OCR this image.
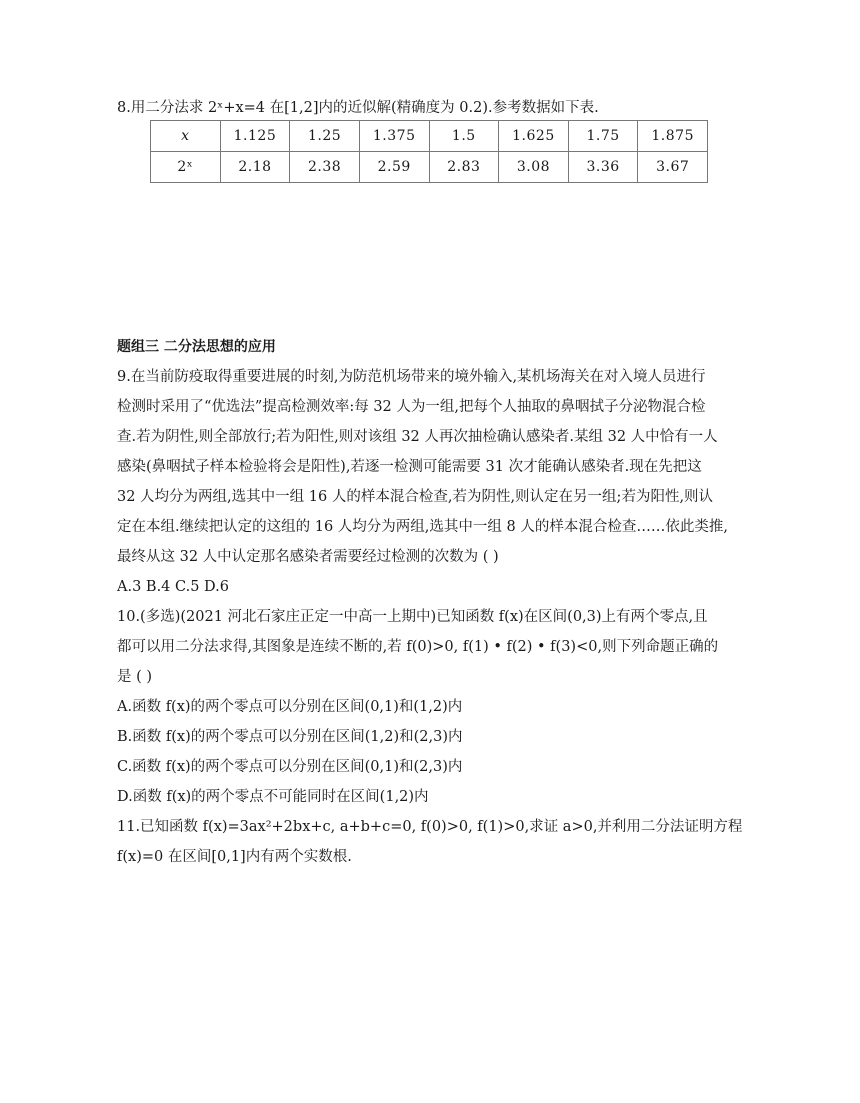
8.用二分法求 2ˣ+x=4 在[1,2]内的近似解(精确度为 0.2).参考数据如下表.
x	1.125	1.25	1.375	1.5	1.625	1.75	1.875
2ˣ	2.18	2.38	2.59	2.83	3.08	3.36	3.67
题组三 二分法思想的应用
9.在当前防疫取得重要进展的时刻,为防范机场带来的境外输入,某机场海关在对入境人员进行
检测时采用了“优选法”提高检测效率:每 32 人为一组,把每个人抽取的鼻咽拭子分泌物混合检
查.若为阴性,则全部放行;若为阳性,则对该组 32 人再次抽检确认感染者.某组 32 人中恰有一人
感染(鼻咽拭子样本检验将会是阳性),若逐一检测可能需要 31 次才能确认感染者.现在先把这
32 人均分为两组,选其中一组 16 人的样本混合检查,若为阴性,则认定在另一组;若为阳性,则认
定在本组.继续把认定的这组的 16 人均分为两组,选其中一组 8 人的样本混合检查……依此类推,
最终从这 32 人中认定那名感染者需要经过检测的次数为 ( )
A.3 B.4 C.5 D.6
10.(多选)(2021 河北石家庄正定一中高一上期中)已知函数 f(x)在区间(0,3)上有两个零点,且
都可以用二分法求得,其图象是连续不断的,若 f(0)>0, f(1) • f(2) • f(3)<0,则下列命题正确的
是 ( )
A.函数 f(x)的两个零点可以分别在区间(0,1)和(1,2)内
B.函数 f(x)的两个零点可以分别在区间(1,2)和(2,3)内
C.函数 f(x)的两个零点可以分别在区间(0,1)和(2,3)内
D.函数 f(x)的两个零点不可能同时在区间(1,2)内
11.已知函数 f(x)=3ax²+2bx+c, a+b+c=0, f(0)>0, f(1)>0,求证 a>0,并利用二分法证明方程
f(x)=0 在区间[0,1]内有两个实数根.
